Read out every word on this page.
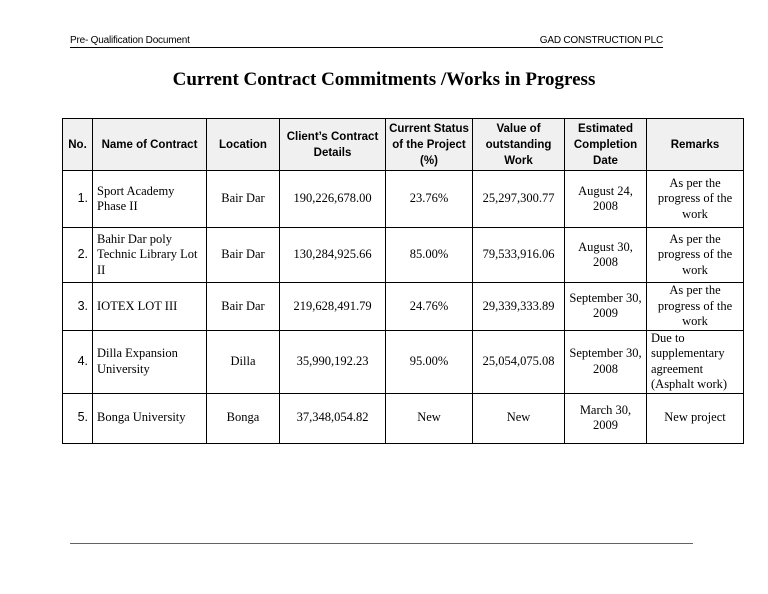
Pre- Qualification Document	GAD CONSTRUCTION PLC
Current Contract Commitments /Works in Progress
No.	Name of Contract	Location	Client’s Contract Details	Current Status of the Project (%)	Value of outstanding Work	Estimated Completion Date	Remarks
1.	Sport Academy Phase II	Bair Dar	190,226,678.00	23.76%	25,297,300.77	August 24, 2008	As per the progress of the work
2.	Bahir Dar poly Technic Library Lot II	Bair Dar	130,284,925.66	85.00%	79,533,916.06	August 30, 2008	As per the progress of the work
3.	IOTEX LOT III	Bair Dar	219,628,491.79	24.76%	29,339,333.89	September 30, 2009	As per the progress of the work
4.	Dilla Expansion University	Dilla	35,990,192.23	95.00%	25,054,075.08	September 30, 2008	Due to supplementary agreement (Asphalt work)
5.	Bonga University	Bonga	37,348,054.82	New	New	March 30, 2009	New project
